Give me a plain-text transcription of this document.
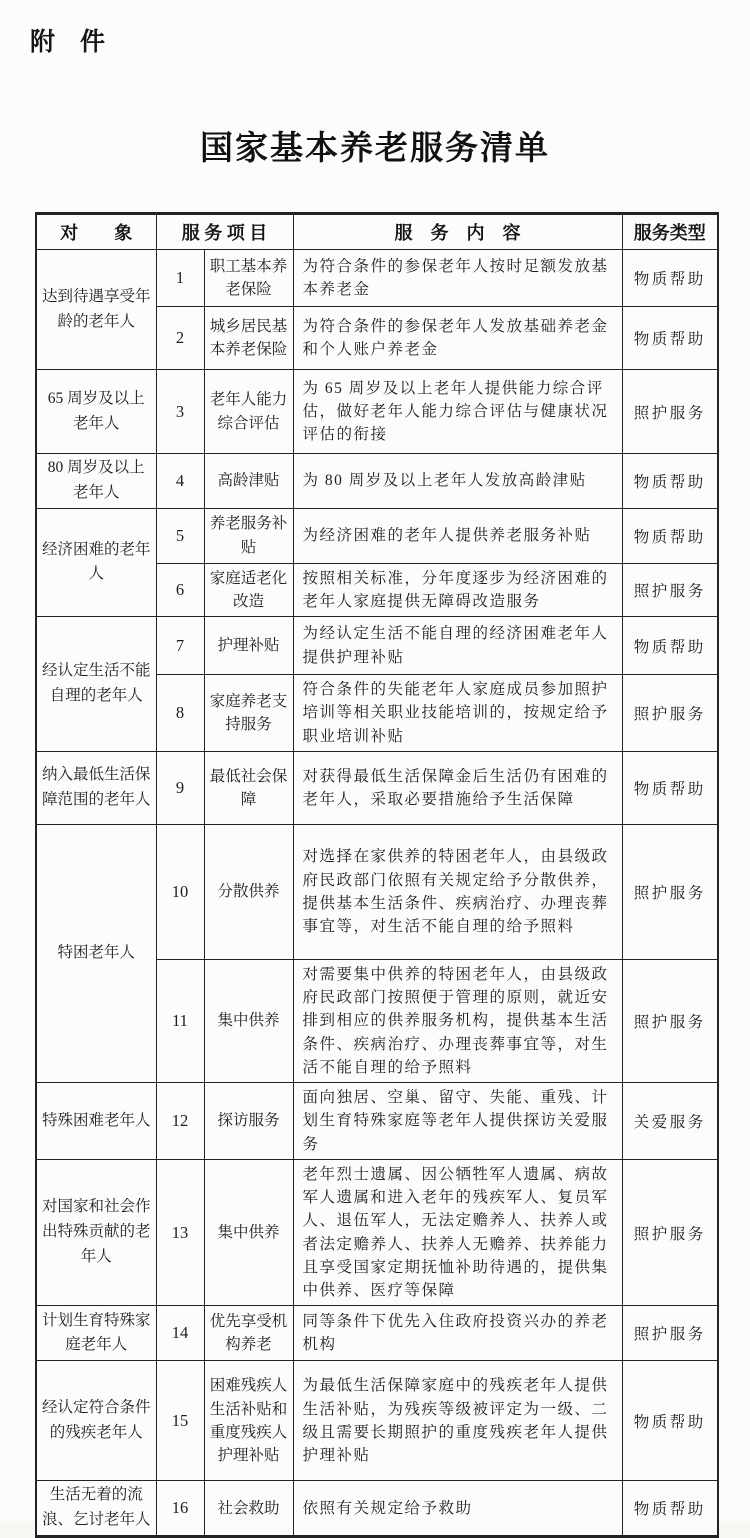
附　件
国家基本养老服务清单
对　　象	服 务 项 目		服　务　内　容	服务类型
达到待遇享受年龄的老年人	1	职工基本养老保险	为符合条件的参保老年人按时足额发放基本养老金	物质帮助
	2	城乡居民基本养老保险	为符合条件的参保老年人发放基础养老金和个人账户养老金	物质帮助
65 周岁及以上老年人	3	老年人能力综合评估	为 65 周岁及以上老年人提供能力综合评估，做好老年人能力综合评估与健康状况评估的衔接	照护服务
80 周岁及以上老年人	4	高龄津贴	为 80 周岁及以上老年人发放高龄津贴	物质帮助
经济困难的老年人	5	养老服务补贴	为经济困难的老年人提供养老服务补贴	物质帮助
	6	家庭适老化改造	按照相关标准，分年度逐步为经济困难的老年人家庭提供无障碍改造服务	照护服务
经认定生活不能自理的老年人	7	护理补贴	为经认定生活不能自理的经济困难老年人提供护理补贴	物质帮助
	8	家庭养老支持服务	符合条件的失能老年人家庭成员参加照护培训等相关职业技能培训的，按规定给予职业培训补贴	照护服务
纳入最低生活保障范围的老年人	9	最低社会保障	对获得最低生活保障金后生活仍有困难的老年人，采取必要措施给予生活保障	物质帮助
特困老年人	10	分散供养	对选择在家供养的特困老年人，由县级政府民政部门依照有关规定给予分散供养，提供基本生活条件、疾病治疗、办理丧葬事宜等，对生活不能自理的给予照料	照护服务
	11	集中供养	对需要集中供养的特困老年人，由县级政府民政部门按照便于管理的原则，就近安排到相应的供养服务机构，提供基本生活条件、疾病治疗、办理丧葬事宜等，对生活不能自理的给予照料	照护服务
特殊困难老年人	12	探访服务	面向独居、空巢、留守、失能、重残、计划生育特殊家庭等老年人提供探访关爱服务	关爱服务
对国家和社会作出特殊贡献的老年人	13	集中供养	老年烈士遗属、因公牺牲军人遗属、病故军人遗属和进入老年的残疾军人、复员军人、退伍军人，无法定赡养人、扶养人或者法定赡养人、扶养人无赡养、扶养能力且享受国家定期抚恤补助待遇的，提供集中供养、医疗等保障	照护服务
计划生育特殊家庭老年人	14	优先享受机构养老	同等条件下优先入住政府投资兴办的养老机构	照护服务
经认定符合条件的残疾老年人	15	困难残疾人生活补贴和重度残疾人护理补贴	为最低生活保障家庭中的残疾老年人提供生活补贴，为残疾等级被评定为一级、二级且需要长期照护的重度残疾老年人提供护理补贴	物质帮助
生活无着的流浪、乞讨老年人	16	社会救助	依照有关规定给予救助	物质帮助
